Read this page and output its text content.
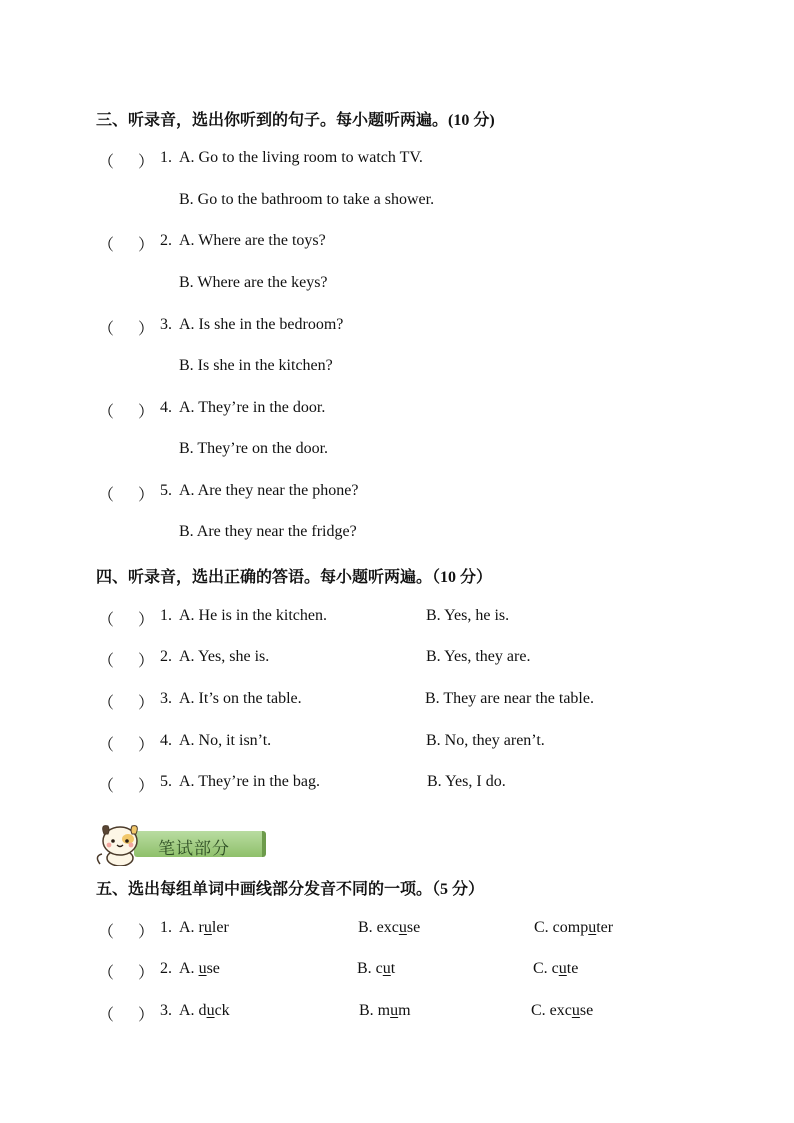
三、听录音，选出你听到的句子。每小题听两遍。(10 分)
（ ） 1. A. Go to the living room to watch TV.
B. Go to the bathroom to take a shower.
（ ） 2. A. Where are the toys?
B. Where are the keys?
（ ） 3. A. Is she in the bedroom?
B. Is she in the kitchen?
（ ） 4. A. They’re in the door.
B. They’re on the door.
（ ） 5. A. Are they near the phone?
B. Are they near the fridge?
四、听录音，选出正确的答语。每小题听两遍。（10 分）
（ ） 1. A. He is in the kitchen.	B. Yes, he is.
（ ） 2. A. Yes, she is.	B. Yes, they are.
（ ） 3. A. It’s on the table.	B. They are near the table.
（ ） 4. A. No, it isn’t.	B. No, they aren’t.
（ ） 5. A. They’re in the bag.	B. Yes, I do.
笔试部分
五、选出每组单词中画线部分发音不同的一项。（5 分）
（ ） 1. A. ruler	B. excuse	C. computer
（ ） 2. A. use	B. cut	C. cute
（ ） 3. A. duck	B. mum	C. excuse
